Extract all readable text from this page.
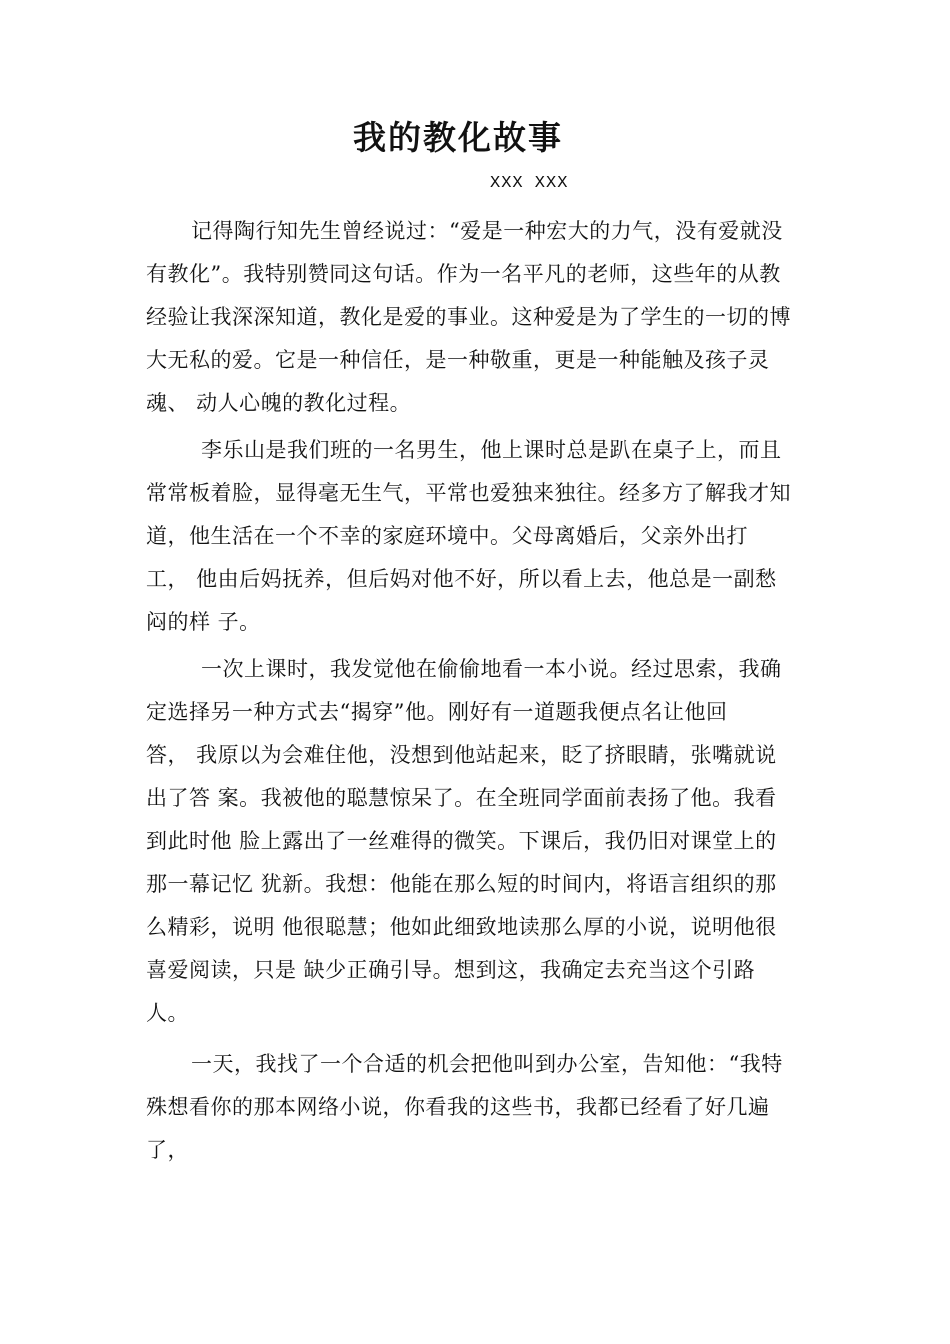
我的教化故事
XXX XXX
记得陶行知先生曾经说过：“爱是一种宏大的力气，没有爱就没
有教化”。我特别赞同这句话。作为一名平凡的老师，这些年的从教
经验让我深深知道，教化是爱的事业。这种爱是为了学生的一切的博
大无私的爱。它是一种信任，是一种敬重，更是一种能触及孩子灵
魂、 动人心魄的教化过程。
李乐山是我们班的一名男生，他上课时总是趴在桌子上，而且
常常板着脸，显得毫无生气，平常也爱独来独往。经多方了解我才知
道，他生活在一个不幸的家庭环境中。父母离婚后，父亲外出打
工， 他由后妈抚养，但后妈对他不好，所以看上去，他总是一副愁
闷的样 子。
一次上课时，我发觉他在偷偷地看一本小说。经过思索，我确
定选择另一种方式去“揭穿”他。刚好有一道题我便点名让他回
答， 我原以为会难住他，没想到他站起来，眨了挤眼睛，张嘴就说
出了答 案。我被他的聪慧惊呆了。在全班同学面前表扬了他。我看
到此时他 脸上露出了一丝难得的微笑。下课后，我仍旧对课堂上的
那一幕记忆 犹新。我想：他能在那么短的时间内，将语言组织的那
么精彩，说明 他很聪慧；他如此细致地读那么厚的小说，说明他很
喜爱阅读，只是 缺少正确引导。想到这，我确定去充当这个引路
人。
一天，我找了一个合适的机会把他叫到办公室，告知他：“我特
殊想看你的那本网络小说，你看我的这些书，我都已经看了好几遍
了，
